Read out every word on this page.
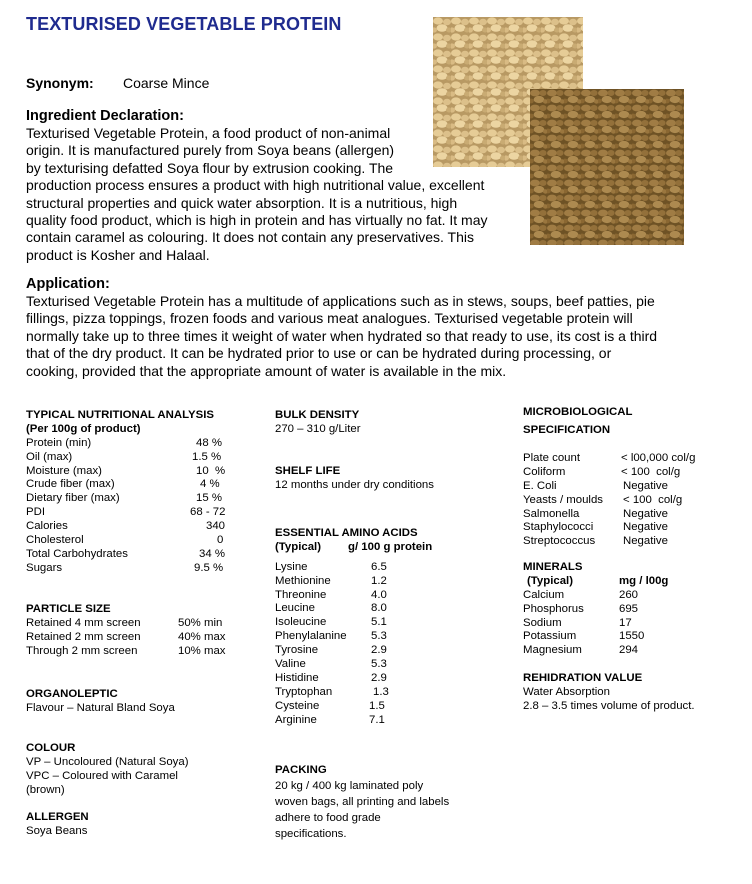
TEXTURISED VEGETABLE PROTEIN
Synonym: Coarse Mince
Ingredient Declaration:
Texturised Vegetable Protein, a food product of non-animal
origin. It is manufactured purely from Soya beans (allergen)
by texturising defatted Soya flour by extrusion cooking. The
production process ensures a product with high nutritional value, excellent
structural properties and quick water absorption. It is a nutritious, high
quality food product, which is high in protein and has virtually no fat. It may
contain caramel as colouring. It does not contain any preservatives. This
product is Kosher and Halaal.
Application:
Texturised Vegetable Protein has a multitude of applications such as in stews, soups, beef patties, pie
fillings, pizza toppings, frozen foods and various meat analogues. Texturised vegetable protein will
normally take up to three times it weight of water when hydrated so that ready to use, its cost is a third
that of the dry product. It can be hydrated prior to use or can be hydrated during processing, or
cooking, provided that the appropriate amount of water is available in the mix.
TYPICAL NUTRITIONAL ANALYSIS
(Per 100g of product)
Protein (min)	48 %
Oil (max)	1.5 %
Moisture (max)	10  %
Crude fiber (max)	4 %
Dietary fiber (max)	15 %
PDI	68 - 72
Calories	340
Cholesterol	0
Total Carbohydrates	34 %
Sugars	9.5 %
PARTICLE SIZE
Retained 4 mm screen	50% min
Retained 2 mm screen	40% max
Through 2 mm screen	10% max
ORGANOLEPTIC
Flavour – Natural Bland Soya
COLOUR
VP – Uncoloured (Natural Soya)
VPC – Coloured with Caramel
(brown)
ALLERGEN
Soya Beans
BULK DENSITY
270 – 310 g/Liter
SHELF LIFE
12 months under dry conditions
ESSENTIAL AMINO ACIDS
(Typical) g/ 100 g protein
Lysine	6.5
Methionine	1.2
Threonine	4.0
Leucine	8.0
Isoleucine	5.1
Phenylalanine 5.3
Tyrosine	2.9
Valine	5.3
Histidine	2.9
Tryptophan	1.3
Cysteine	1.5
Arginine	7.1
PACKING
20 kg / 400 kg laminated poly
woven bags, all printing and labels
adhere to food grade
specifications.
MICROBIOLOGICAL
SPECIFICATION
Plate count	< l00,000 col/g
Coliform	< 100  col/g
E. Coli	Negative
Yeasts / moulds < 100  col/g
Salmonella	Negative
Staphylococci	Negative
Streptococcus Negative
MINERALS
(Typical)	mg / l00g
Calcium	260
Phosphorus	695
Sodium	17
Potassium	1550
Magnesium	294
REHIDRATION VALUE
Water Absorption
2.8 – 3.5 times volume of product.
